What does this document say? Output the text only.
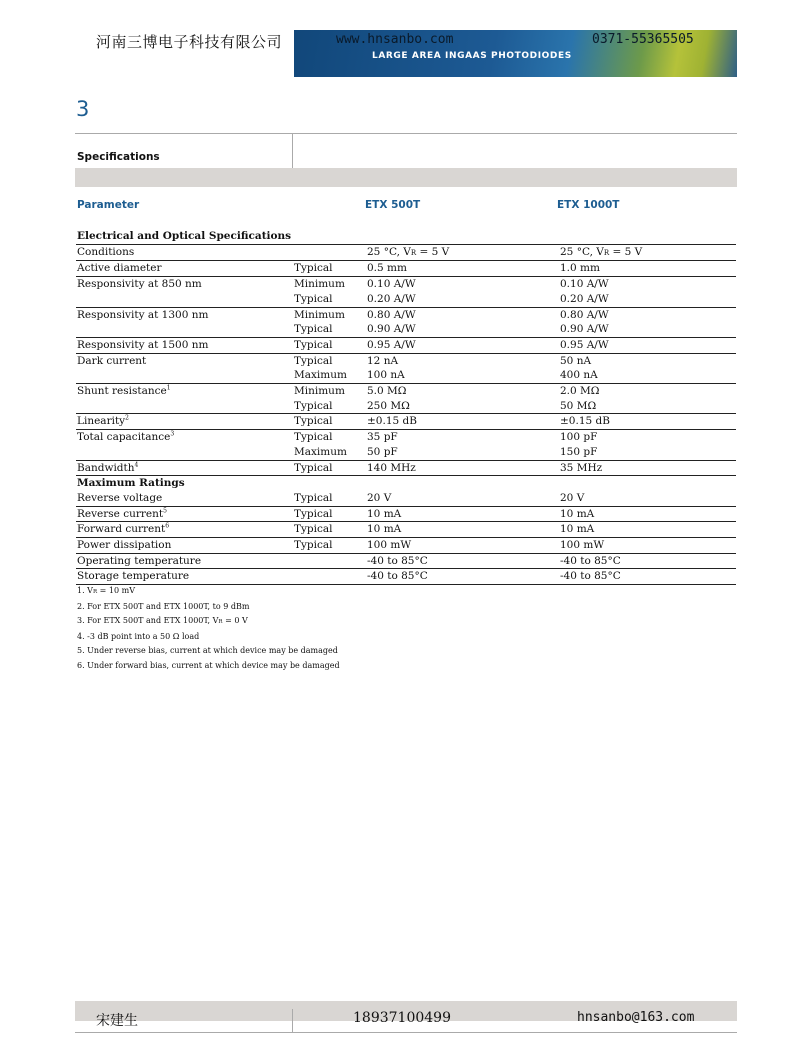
河南三博电子科技有限公司	www.hnsanbo.com	0371-55365505
LARGE AREA INGAAS PHOTODIODES
3
Specifications
Parameter	ETX 500T	ETX 1000T
Electrical and Optical Specifications			
Conditions		25 °C, VR = 5 V	25 °C, VR = 5 V
Active diameter	Typical	0.5 mm	1.0 mm
Responsivity at 850 nm	Minimum	0.10 A/W	0.10 A/W
	Typical	0.20 A/W	0.20 A/W
Responsivity at 1300 nm	Minimum	0.80 A/W	0.80 A/W
	Typical	0.90 A/W	0.90 A/W
Responsivity at 1500 nm	Typical	0.95 A/W	0.95 A/W
Dark current	Typical	12 nA	50 nA
	Maximum	100 nA	400 nA
Shunt resistance$^1$	Minimum	5.0 MΩ	2.0 MΩ
	Typical	250 MΩ	50 MΩ
Linearity$^2$	Typical	±0.15 dB	±0.15 dB
Total capacitance$^3$	Typical	35 pF	100 pF
	Maximum	50 pF	150 pF
Bandwidth$^4$	Typical	140 MHz	35 MHz
Maximum Ratings			
Reverse voltage	Typical	20 V	20 V
Reverse current$^5$	Typical	10 mA	10 mA
Forward current$^6$	Typical	10 mA	10 mA
Power dissipation	Typical	100 mW	100 mW
Operating temperature		-40 to 85°C	-40 to 85°C
Storage temperature		-40 to 85°C	-40 to 85°C
1. VR = 10 mV
2. For ETX 500T and ETX 1000T, to 9 dBm
3. For ETX 500T and ETX 1000T, VR = 0 V
4. -3 dB point into a 50 Ω load
5. Under reverse bias, current at which device may be damaged
6. Under forward bias, current at which device may be damaged
宋建生	18937100499	hnsanbo@163.com
